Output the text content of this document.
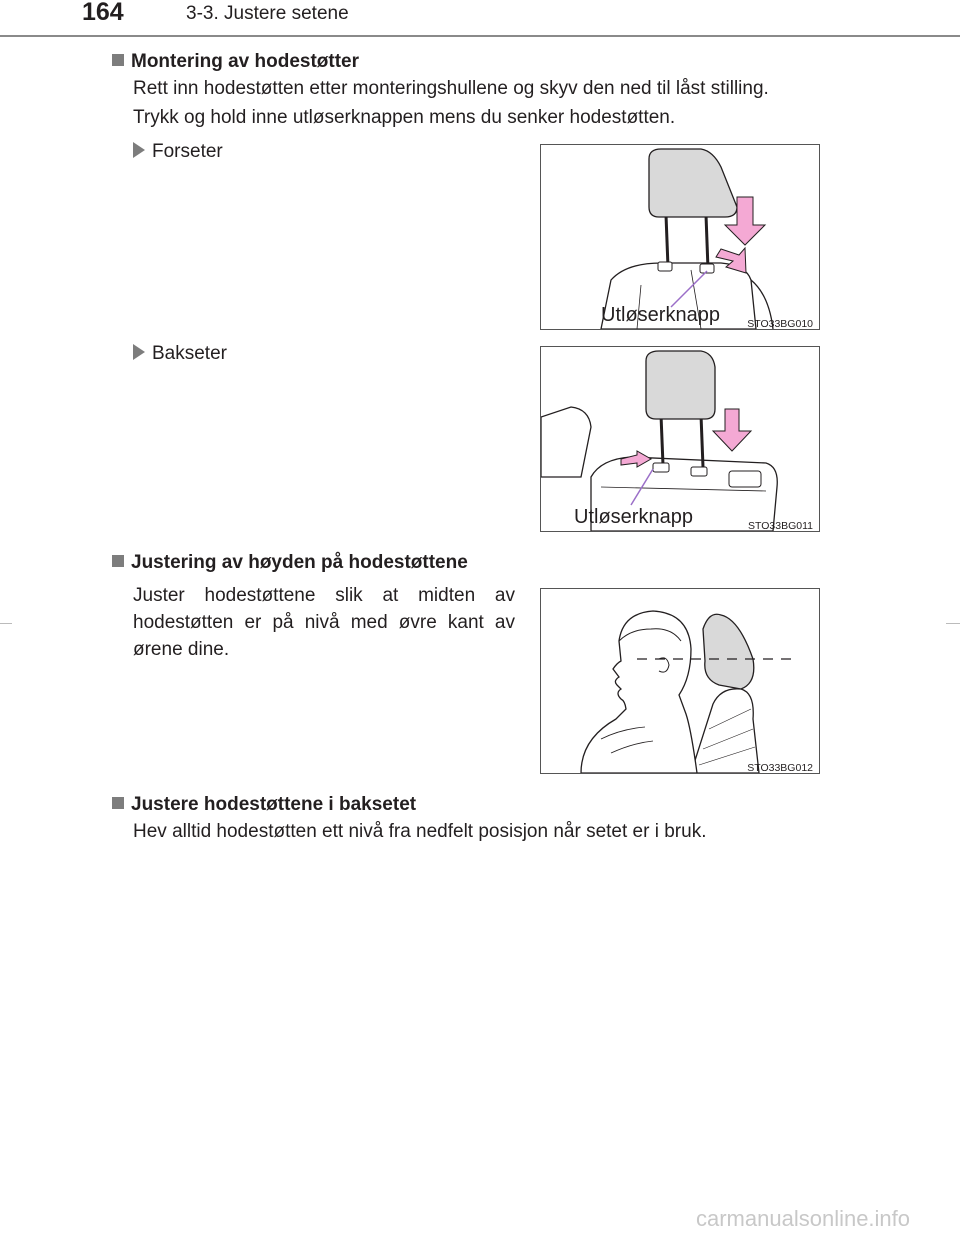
164	3-3. Justere setene
Montering av hodestøtter
Rett inn hodestøtten etter monteringshullene og skyv den ned til låst stilling.
Trykk og hold inne utløserknappen mens du senker hodestøtten.
Forseter
Utløserknapp	STO33BG010
Bakseter
Utløserknapp	STO33BG011
Justering av høyden på hodestøttene
Juster hodestøttene slik at midten av hodestøtten er på nivå med øvre kant av ørene dine.
STO33BG012
Justere hodestøttene i baksetet
Hev alltid hodestøtten ett nivå fra nedfelt posisjon når setet er i bruk.
carmanualsonline.info
